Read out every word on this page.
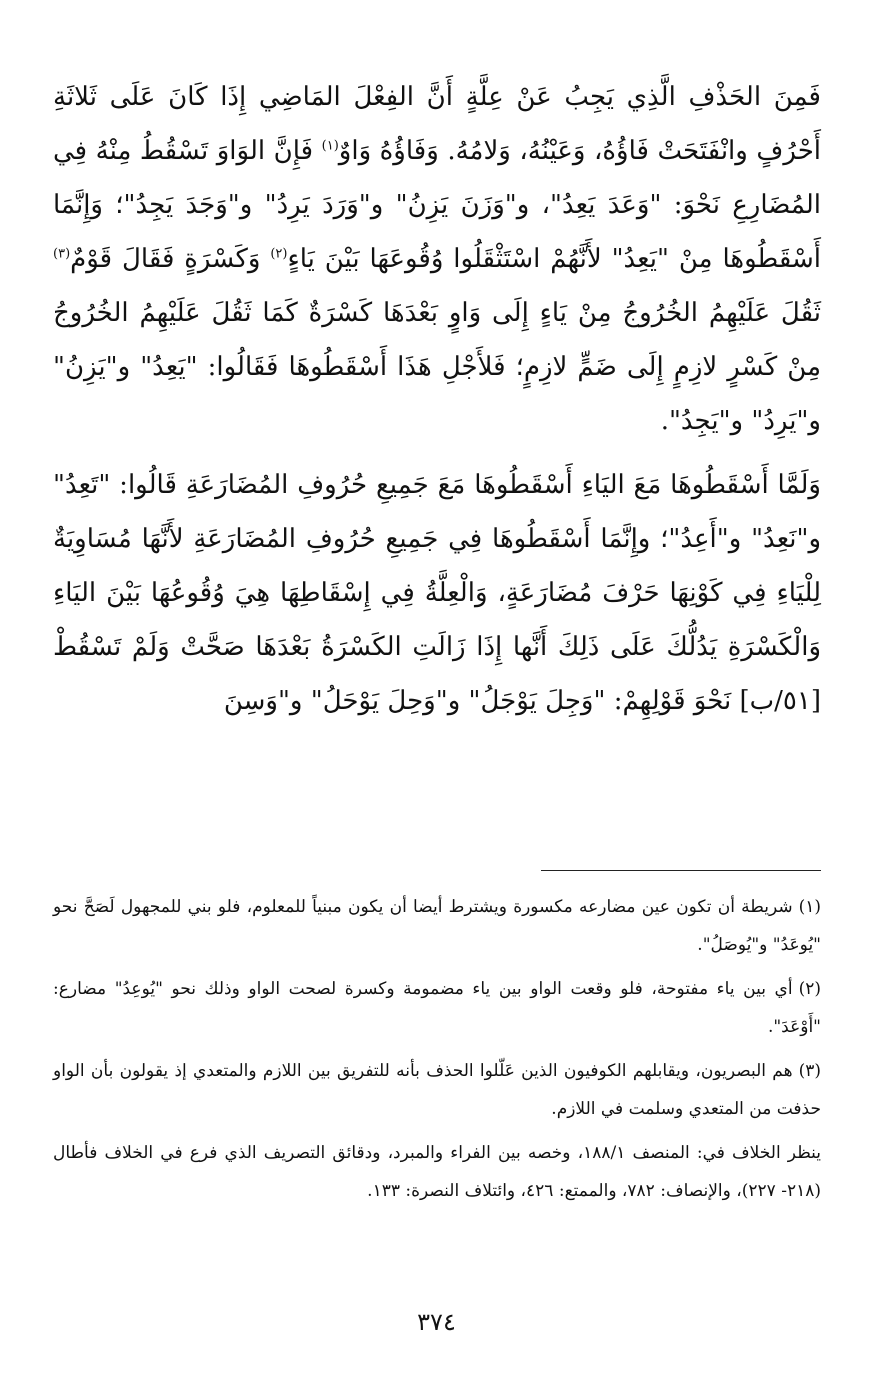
فَمِنَ الحَذْفِ الَّذِي يَجِبُ عَنْ عِلَّةٍ أَنَّ الفِعْلَ المَاضِي إِذَا كَانَ عَلَى ثَلاثَةِ أَحْرُفٍ وانْفَتَحَتْ فَاؤُهُ، وَعَيْنُهُ، وَلامُهُ. وَفَاؤُهُ وَاوٌ$^{(١)}$ فَإِنَّ الوَاوَ تَسْقُطُ مِنْهُ فِي المُضَارِعِ نَحْوَ: "وَعَدَ يَعِدُ"، و"وَزَنَ يَزِنُ" و"وَرَدَ يَرِدُ" و"وَجَدَ يَجِدُ"؛ وَإِنَّمَا أَسْقَطُوهَا مِنْ "يَعِدُ" لأَنَّهُمْ اسْتَثْقَلُوا وُقُوعَهَا بَيْنَ يَاءٍ$^{(٢)}$ وَكَسْرَةٍ فَقَالَ قَوْمٌ$^{(٣)}$ ثَقُلَ عَلَيْهِمُ الخُرُوجُ مِنْ يَاءٍ إِلَى وَاوٍ بَعْدَهَا كَسْرَةٌ كَمَا ثَقُلَ عَلَيْهِمُ الخُرُوجُ مِنْ كَسْرٍ لازِمٍ إِلَى ضَمٍّ لازِمٍ؛ فَلأَجْلِ هَذَا أَسْقَطُوهَا فَقَالُوا: "يَعِدُ" و"يَزِنُ" و"يَرِدُ" و"يَجِدُ".

وَلَمَّا أَسْقَطُوهَا مَعَ اليَاءِ أَسْقَطُوهَا مَعَ جَمِيعِ حُرُوفِ المُضَارَعَةِ قَالُوا: "تَعِدُ" و"نَعِدُ" و"أَعِدُ"؛ وإِنَّمَا أَسْقَطُوهَا فِي جَمِيعِ حُرُوفِ المُضَارَعَةِ لأَنَّهَا مُسَاوِيَةٌ لِلْيَاءِ فِي كَوْنِهَا حَرْفَ مُضَارَعَةٍ، وَالْعِلَّةُ فِي إِسْقَاطِهَا هِيَ وُقُوعُهَا بَيْنَ اليَاءِ وَالْكَسْرَةِ يَدُلُّكَ عَلَى ذَلِكَ أَنَّها إِذَا زَالَتِ الكَسْرَةُ بَعْدَهَا صَحَّتْ وَلَمْ تَسْقُطْ [٥١/ب] نَحْوَ قَوْلِهِمْ: "وَجِلَ يَوْجَلُ" و"وَحِلَ يَوْحَلُ" و"وَسِنَ

(١)شريطة أن تكون عين مضارعه مكسورة ويشترط أيضا أن يكون مبنياً للمعلوم، فلو بني للمجهول لَصَحَّ نحو "يُوعَدُ" و"يُوصَلُ".

(٢)أي بين ياء مفتوحة، فلو وقعت الواو بين ياء مضمومة وكسرة لصحت الواو وذلك نحو "يُوعِدُ" مضارع: "أَوْعَدَ".

(٣)هم البصريون، ويقابلهم الكوفيون الذين عَلّلوا الحذف بأنه للتفريق بين اللازم والمتعدي إذ يقولون بأن الواو حذفت من المتعدي وسلمت في اللازم.

ينظر الخلاف في: المنصف ١٨٨/١، وخصه بين الفراء والمبرد، ودقائق التصريف الذي فرع في الخلاف فأطال (٢١٨- ٢٢٧)، والإنصاف: ٧٨٢، والممتع: ٤٢٦، وائتلاف النصرة: ١٣٣.

٣٧٤
